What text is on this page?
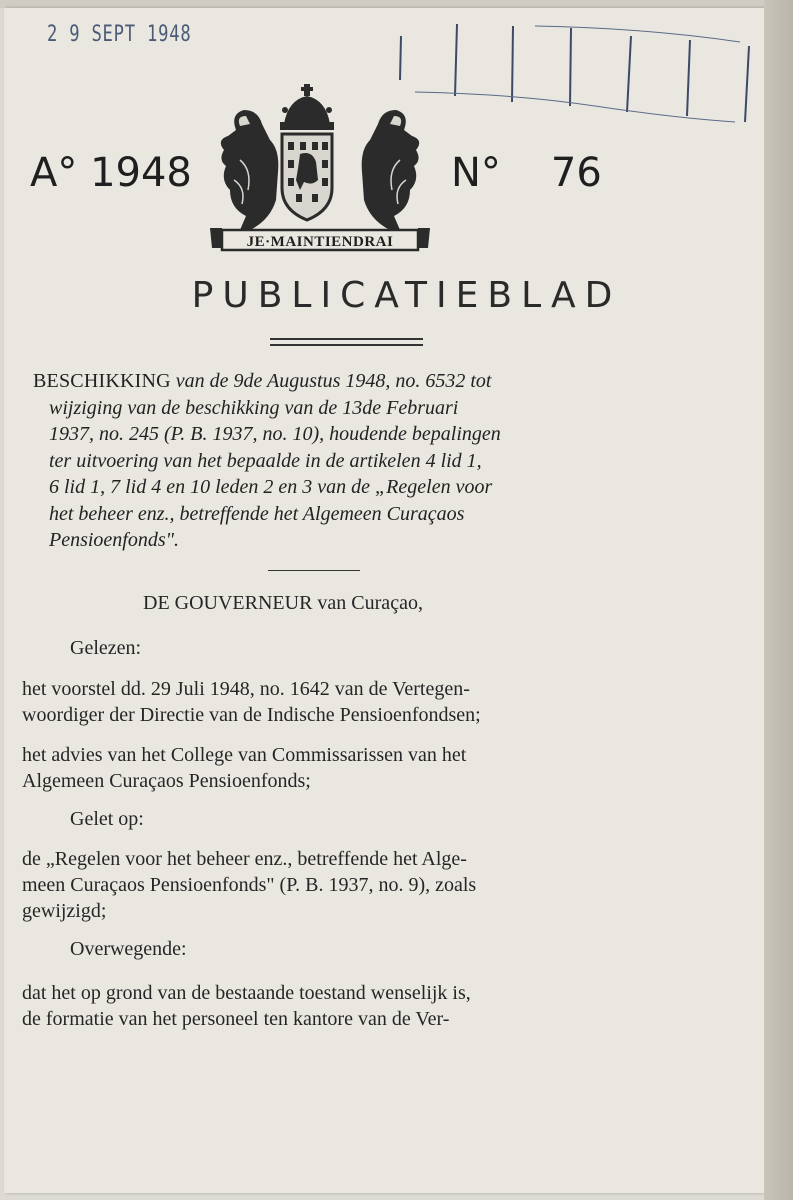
2 9 SEPT 1948
A° 1948	N° 76
JE·MAINTIENDRAI
PUBLICATIEBLAD

BESCHIKKING van de 9de Augustus 1948, no. 6532 tot

wijziging van de beschikking van de 13de Februari

1937, no. 245 (P. B. 1937, no. 10), houdende bepalingen

ter uitvoering van het bepaalde in de artikelen 4 lid 1,

6 lid 1, 7 lid 4 en 10 leden 2 en 3 van de „Regelen voor

het beheer enz., betreffende het Algemeen Curaçaos

Pensioenfonds".

DE GOUVERNEUR van Curaçao,
Gelezen:
het voorstel dd. 29 Juli 1948, no. 1642 van de Vertegen-
woordiger der Directie van de Indische Pensioenfondsen;
het advies van het College van Commissarissen van het
Algemeen Curaçaos Pensioenfonds;
Gelet op:
de „Regelen voor het beheer enz., betreffende het Alge-
meen Curaçaos Pensioenfonds" (P. B. 1937, no. 9), zoals
gewijzigd;
Overwegende:
dat het op grond van de bestaande toestand wenselijk is,
de formatie van het personeel ten kantore van de Ver-
